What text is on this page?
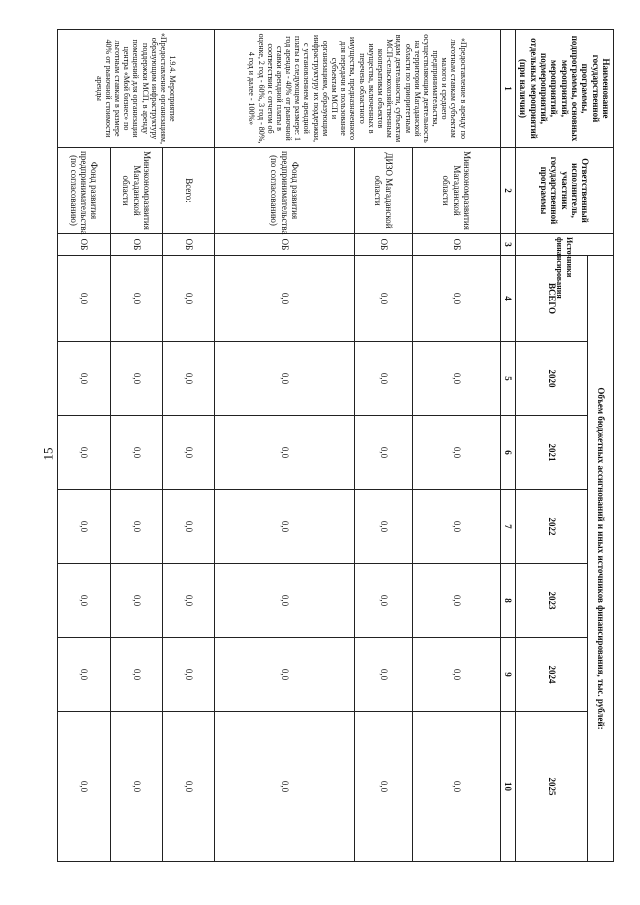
15
Наименование государственной программы, подпрограммы, основных мероприятий, мероприятий, подмероприятий, отдельных мероприятий (при наличии)	Ответственный исполнитель, участник государственной программы	Источники финансирования	Объем бюджетных ассигнований и иных источников финансирования, тыс. рублей:						
			ВСЕГО	2020	2021	2022	2023	2024	2025
1	2	3	4	5	6	7	8	9	10
«Предоставление в аренду по льготным ставкам субъектам малого и среднего предпринимательства, осуществляющим деятельность на территории Магаданской области по приоритетным видам деятельности, субъектам МСП-сельскохозяйственным кооперативам объектов имущества, включенных в перечень областного имущества, предназначенного для передачи в пользование субъектам МСП и организациям, образующим инфраструктуру их поддержки, с установлением арендной платы в следующем размере: 1 год аренды - 40% от рыночной ставки арендной платы в соответствии с отчетом об оценке, 2 год - 60%, 3 год - 80%, 4 год и далее - 100%»	Минэкономразвития Магаданской области	ОБ	0,0	0,0	0,0	0,0	0,0	0,0	0,0
	ДИЗО Магаданской области	ОБ	0,0	0,0	0,0	0,0	0,0	0,0	0,0
	Фонд развития предпринимательства (по согласованию)	ОБ	0,0	0,0	0,0	0,0	0,0	0,0	0,0
1.9.4. Мероприятие «Предоставление организациям, образующим инфраструктуру поддержки МСП, в аренду помещений для организации центра «Мой бизнес» по льготным ставкам в размере 40% от рыночной стоимости аренды	Всего:	ОБ	0,0	0,0	0,0	0,0	0,0	0,0	0,0
	Минэкономразвития Магаданской области	ОБ	0,0	0,0	0,0	0,0	0,0	0,0	0,0
	Фонд развития предпринимательства (по согласованию)	ОБ	0,0	0,0	0,0	0,0	0,0	0,0	0,0
